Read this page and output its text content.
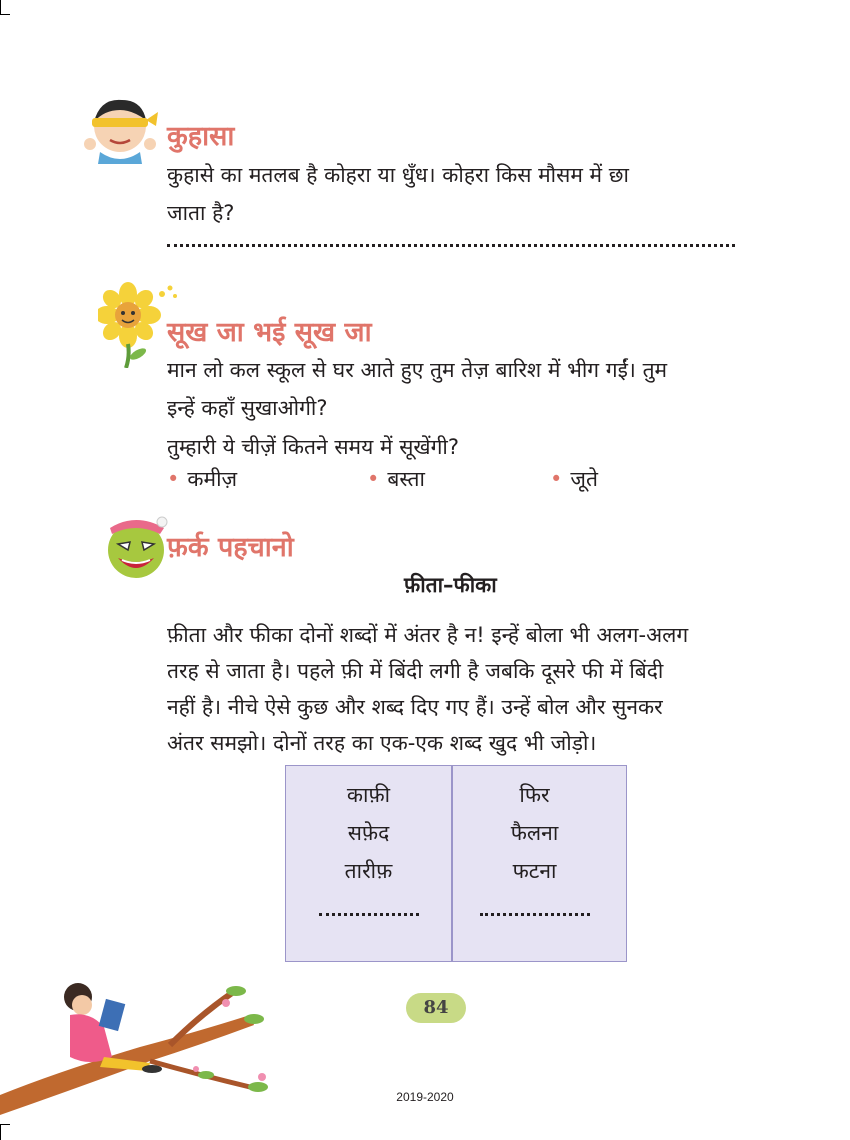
कुहासा
कुहासे का मतलब है कोहरा या धुँध। कोहरा किस मौसम में छा
जाता है?
सूख जा भई सूख जा
मान लो कल स्कूल से घर आते हुए तुम तेज़ बारिश में भीग गईं। तुम
इन्हें कहाँ सुखाओगी?
तुम्हारी ये चीज़ें कितने समय में सूखेंगी?
• कमीज़	• बस्ता	• जूते
फ़र्क पहचानो
फ़ीता–फीका
फ़ीता और फीका दोनों शब्दों में अंतर है न! इन्हें बोला भी अलग-अलग
तरह से जाता है। पहले फ़ी में बिंदी लगी है जबकि दूसरे फी में बिंदी
नहीं है। नीचे ऐसे कुछ और शब्द दिए गए हैं। उन्हें बोल और सुनकर
अंतर समझो। दोनों तरह का एक-एक शब्द खुद भी जोड़ो।
काफ़ी
सफ़ेद
तारीफ़
फिर
फैलना
फटना
84
2019-2020
